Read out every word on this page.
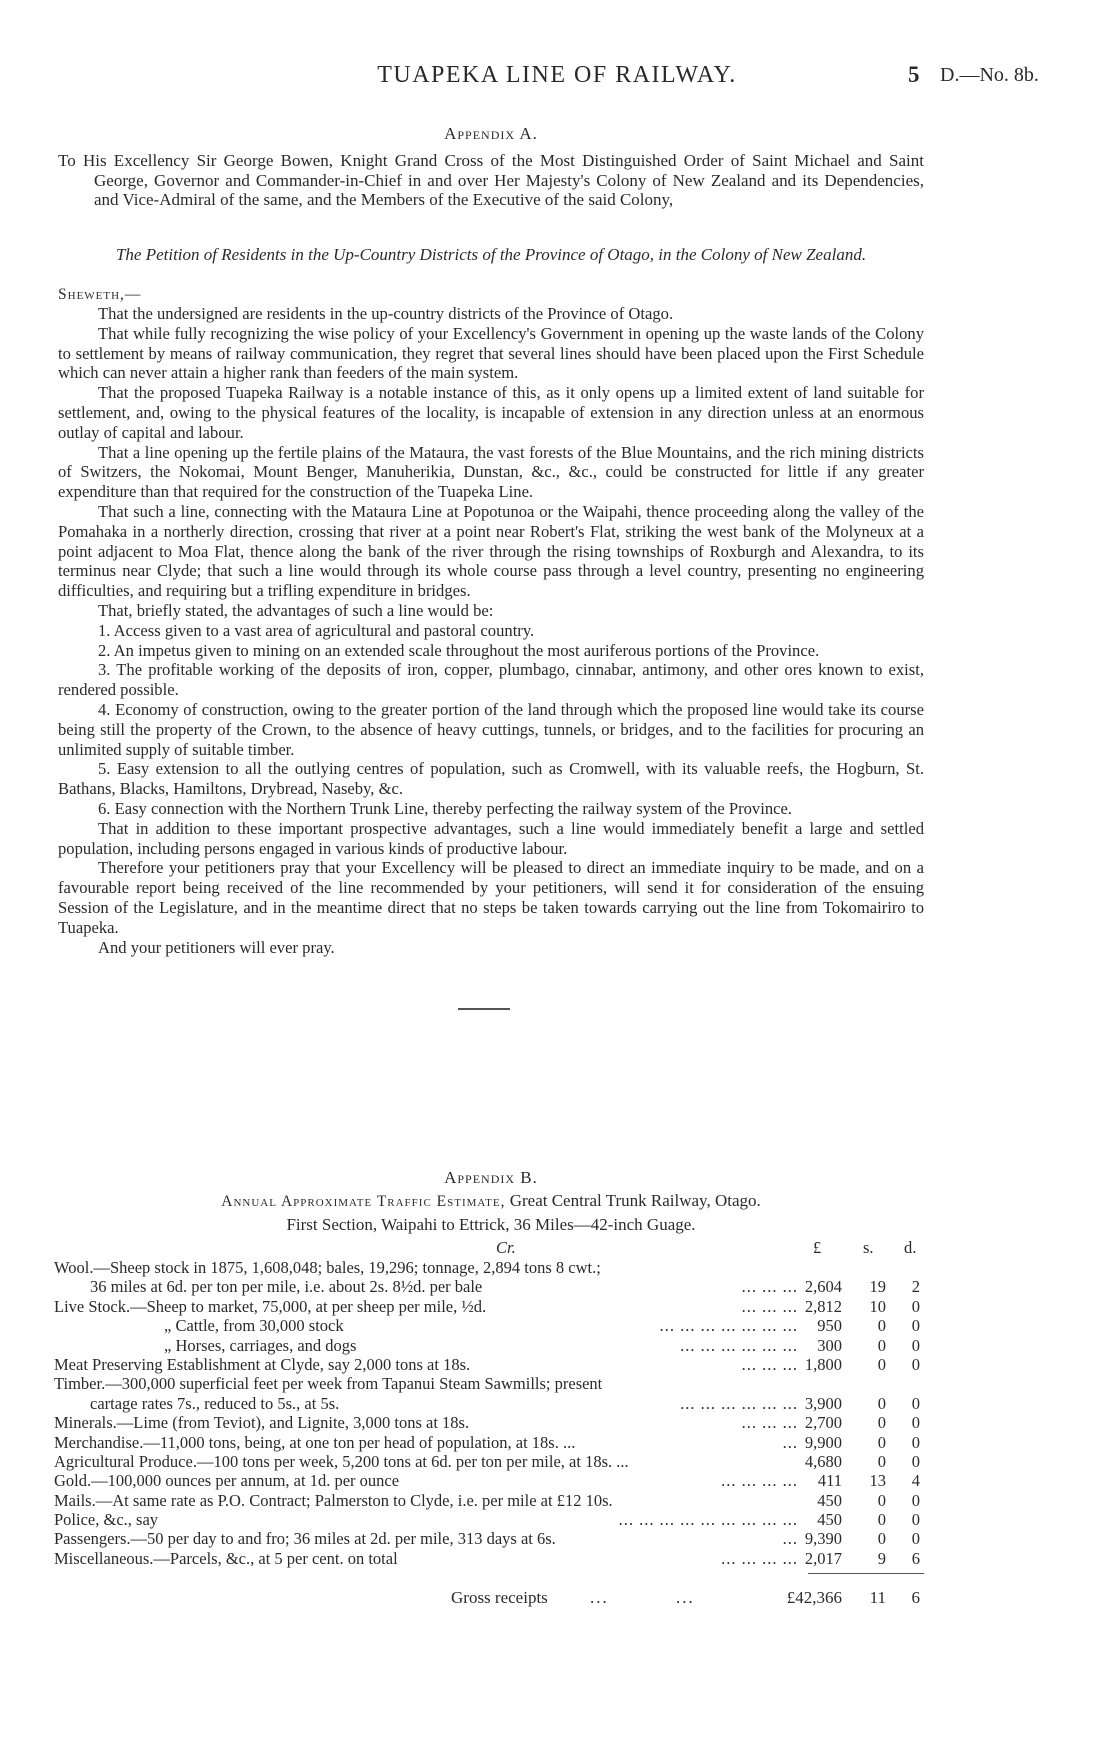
TUAPEKA LINE OF RAILWAY.	5 D.—No. 8b.
Appendix A.

To His Excellency Sir George Bowen, Knight Grand Cross of the Most Distinguished Order of Saint Michael and Saint George, Governor and Commander-in-Chief in and over Her Majesty's Colony of New Zealand and its Dependencies, and Vice-Admiral of the same, and the Members of the Executive of the said Colony,

The Petition of Residents in the Up-Country Districts of the Province of Otago, in the Colony of New Zealand.
Sheweth,—

That the undersigned are residents in the up-country districts of the Province of Otago.

That while fully recognizing the wise policy of your Excellency's Government in opening up the waste lands of the Colony to settlement by means of railway communication, they regret that several lines should have been placed upon the First Schedule which can never attain a higher rank than feeders of the main system.

That the proposed Tuapeka Railway is a notable instance of this, as it only opens up a limited extent of land suitable for settlement, and, owing to the physical features of the locality, is incapable of extension in any direction unless at an enormous outlay of capital and labour.

That a line opening up the fertile plains of the Mataura, the vast forests of the Blue Mountains, and the rich mining districts of Switzers, the Nokomai, Mount Benger, Manuherikia, Dunstan, &c., &c., could be constructed for little if any greater expenditure than that required for the construction of the Tuapeka Line.

That such a line, connecting with the Mataura Line at Popotunoa or the Waipahi, thence proceeding along the valley of the Pomahaka in a northerly direction, crossing that river at a point near Robert's Flat, striking the west bank of the Molyneux at a point adjacent to Moa Flat, thence along the bank of the river through the rising townships of Roxburgh and Alexandra, to its terminus near Clyde; that such a line would through its whole course pass through a level country, presenting no engineering difficulties, and requiring but a trifling expenditure in bridges.

That, briefly stated, the advantages of such a line would be:

1. Access given to a vast area of agricultural and pastoral country.

2. An impetus given to mining on an extended scale throughout the most auriferous portions of the Province.

3. The profitable working of the deposits of iron, copper, plumbago, cinnabar, antimony, and other ores known to exist, rendered possible.

4. Economy of construction, owing to the greater portion of the land through which the proposed line would take its course being still the property of the Crown, to the absence of heavy cuttings, tunnels, or bridges, and to the facilities for procuring an unlimited supply of suitable timber.

5. Easy extension to all the outlying centres of population, such as Cromwell, with its valuable reefs, the Hogburn, St. Bathans, Blacks, Hamiltons, Drybread, Naseby, &c.

6. Easy connection with the Northern Trunk Line, thereby perfecting the railway system of the Province.

That in addition to these important prospective advantages, such a line would immediately benefit a large and settled population, including persons engaged in various kinds of productive labour.

Therefore your petitioners pray that your Excellency will be pleased to direct an immediate inquiry to be made, and on a favourable report being received of the line recommended by your petitioners, will send it for consideration of the ensuing Session of the Legislature, and in the meantime direct that no steps be taken towards carrying out the line from Tokomairiro to Tuapeka.

And your petitioners will ever pray.

Appendix B.
Annual Approximate Traffic Estimate, Great Central Trunk Railway, Otago.
First Section, Waipahi to Ettrick, 36 Miles—42-inch Guage.
Cr.	£	s. d.
Wool.—Sheep stock in 1875, 1,608,048; bales, 19,296; tonnage, 2,894 tons 8 cwt.;
36 miles at 6d. per ton per mile, i.e. about 2s. 8½d. per bale	... ... ... 2,604 19 2
Live Stock.—Sheep to market, 75,000, at per sheep per mile, ½d.	... ... ... 2,812 10 0
„ Cattle, from 30,000 stock	... ... ... ... ... ... ... 950 0 0
„ Horses, carriages, and dogs	... ... ... ... ... ... 300 0 0
Meat Preserving Establishment at Clyde, say 2,000 tons at 18s.	... ... ... 1,800 0 0
Timber.—300,000 superficial feet per week from Tapanui Steam Sawmills; present
cartage rates 7s., reduced to 5s., at 5s.	... ... ... ... ... ... 3,900 0 0
Minerals.—Lime (from Teviot), and Lignite, 3,000 tons at 18s.	... ... ... 2,700 0 0
Merchandise.—11,000 tons, being, at one ton per head of population, at 18s. ...	... 9,900 0 0
Agricultural Produce.—100 tons per week, 5,200 tons at 6d. per ton per mile, at 18s. ...	4,680 0 0
Gold.—100,000 ounces per annum, at 1d. per ounce	... ... ... ... 411 13 4
Mails.—At same rate as P.O. Contract; Palmerston to Clyde, i.e. per mile at £12 10s.	450 0 0
Police, &c., say	... ... ... ... ... ... ... ... ... 450 0 0
Passengers.—50 per day to and fro; 36 miles at 2d. per mile, 313 days at 6s.	... 9,390 0 0
Miscellaneous.—Parcels, &c., at 5 per cent. on total	... ... ... ... 2,017 9 6
Gross receipts ...	...	£42,366 11 6
